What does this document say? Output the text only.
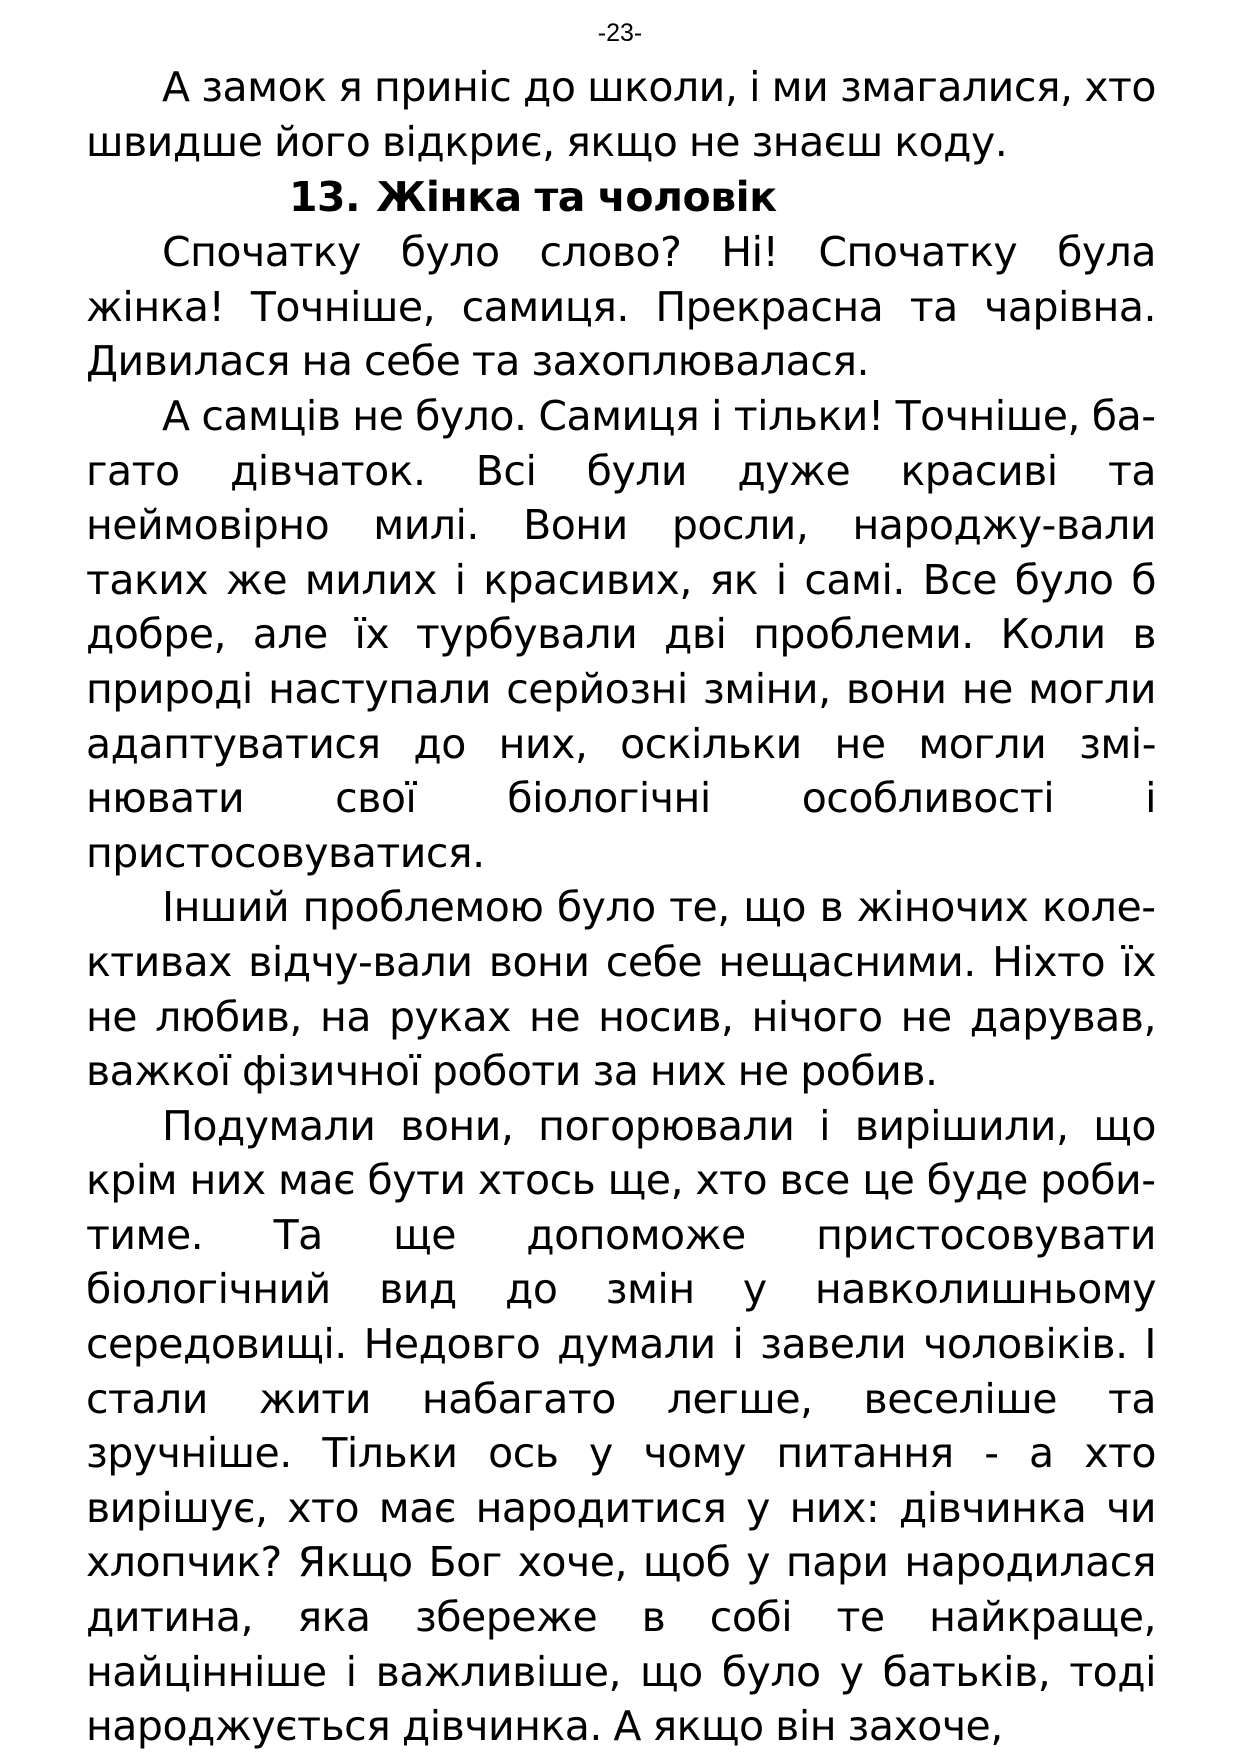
-23-

А замок я приніс до школи, і ми змагалися, хто швидше його відкриє, якщо не знаєш коду.

13. Жінка та чоловік

Спочатку було слово? Ні! Спочатку була жінка! Точніше, самиця. Прекрасна та чарівна. Дивилася на себе та захоплювалася.

А самців не було. Самиця і тільки! Точніше, багато дівчаток. Всі були дуже красиві та неймовірно милі. Вони росли, народжу-вали таких же милих і красивих, як і самі. Все було б добре, але їх турбували дві проблеми. Коли в природі наступали серйозні зміни, вони не могли адаптуватися до них, оскільки не могли змі-нювати свої біологічні особливості і пристосовуватися.

Інший проблемою було те, що в жіночих колективах відчу-вали вони себе нещасними. Ніхто їх не любив, на руках не носив, нічого не дарував, важкої фізичної роботи за них не робив.

Подумали вони, погорювали і вирішили, що крім них має бути хтось ще, хто все це буде робитиме. Та ще допоможе пристосовувати біологічний вид до змін у навколишньому середовищі. Недовго думали і завели чоловіків. І стали жити набагато легше, веселіше та зручніше. Тільки ось у чому питання - а хто вирішує, хто має народитися у них: дівчинка чи хлопчик? Якщо Бог хоче, щоб у пари народилася дитина, яка збереже в собі те найкраще, найцінніше і важливіше, що було у батьків, тоді народжується дівчинка. А якщо він захоче,
